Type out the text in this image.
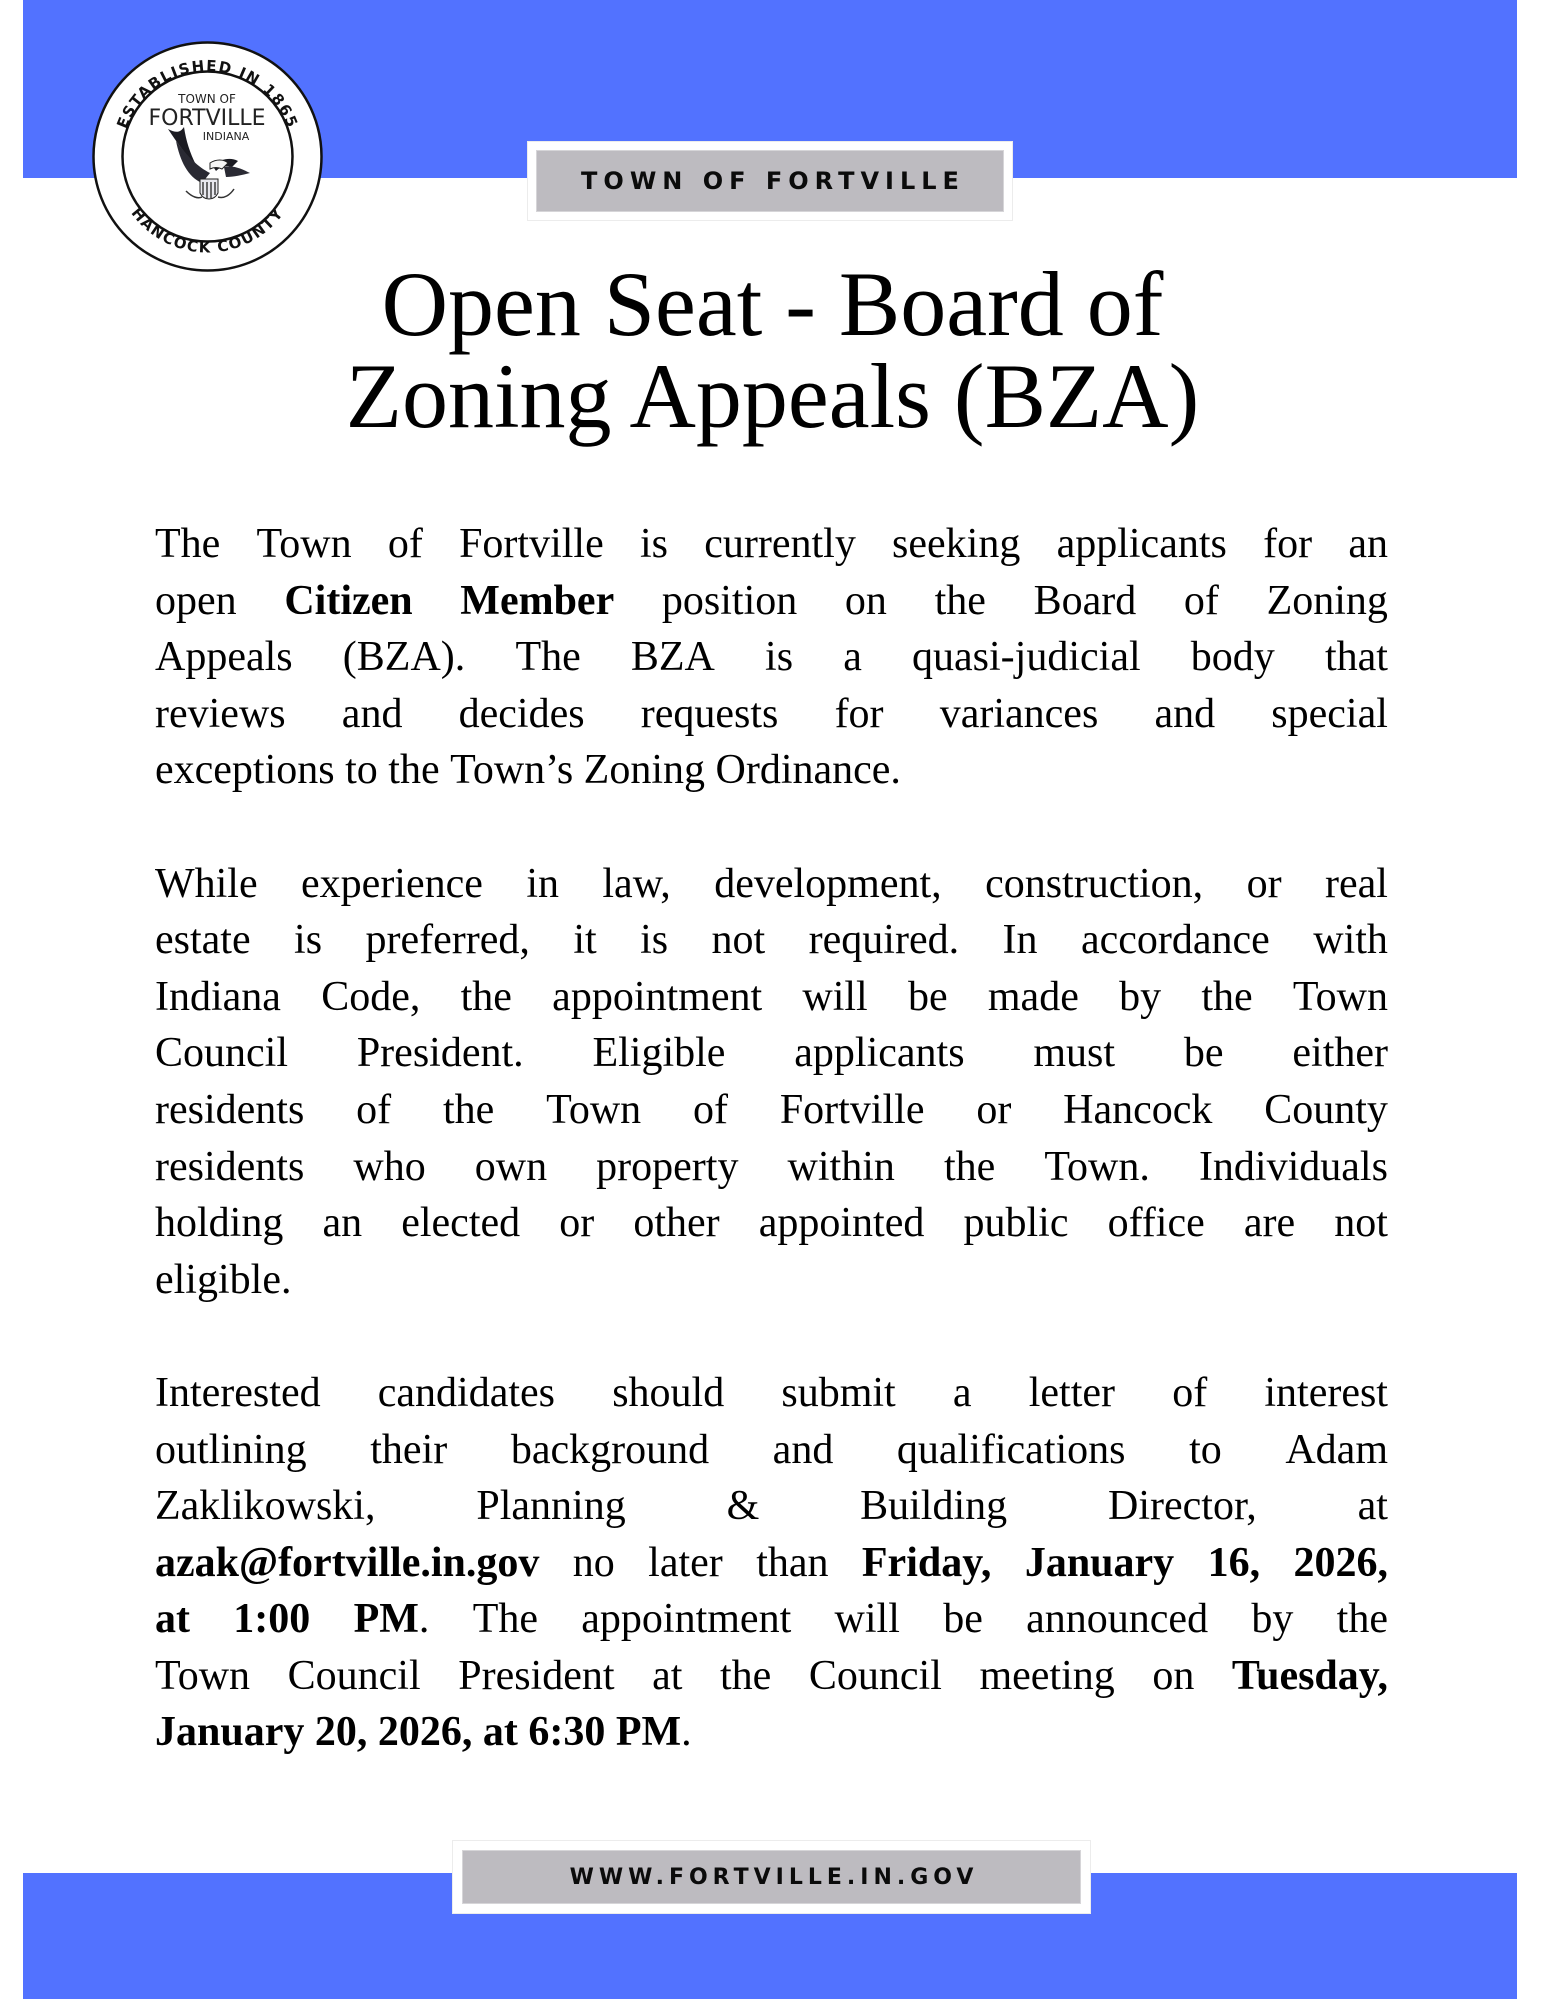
ESTABLISHED IN 1865
HANCOCK COUNTY
TOWN OF
FORTVILLE
INDIANA
TOWN OF FORTVILLE
Open Seat - Board of
Zoning Appeals (BZA)
The Town of Fortville is currently seeking applicants for an
open Citizen Member position on the Board of Zoning
Appeals (BZA). The BZA is a quasi-judicial body that
reviews and decides requests for variances and special
exceptions to the Town’s Zoning Ordinance.
While experience in law, development, construction, or real
estate is preferred, it is not required. In accordance with
Indiana Code, the appointment will be made by the Town
Council President. Eligible applicants must be either
residents of the Town of Fortville or Hancock County
residents who own property within the Town. Individuals
holding an elected or other appointed public office are not
eligible.
Interested candidates should submit a letter of interest
outlining their background and qualifications to Adam
Zaklikowski, Planning & Building Director, at
azak@fortville.in.gov no later than Friday, January 16, 2026,
at 1:00 PM. The appointment will be announced by the
Town Council President at the Council meeting on Tuesday,
January 20, 2026, at 6:30 PM.
WWW.FORTVILLE.IN.GOV
